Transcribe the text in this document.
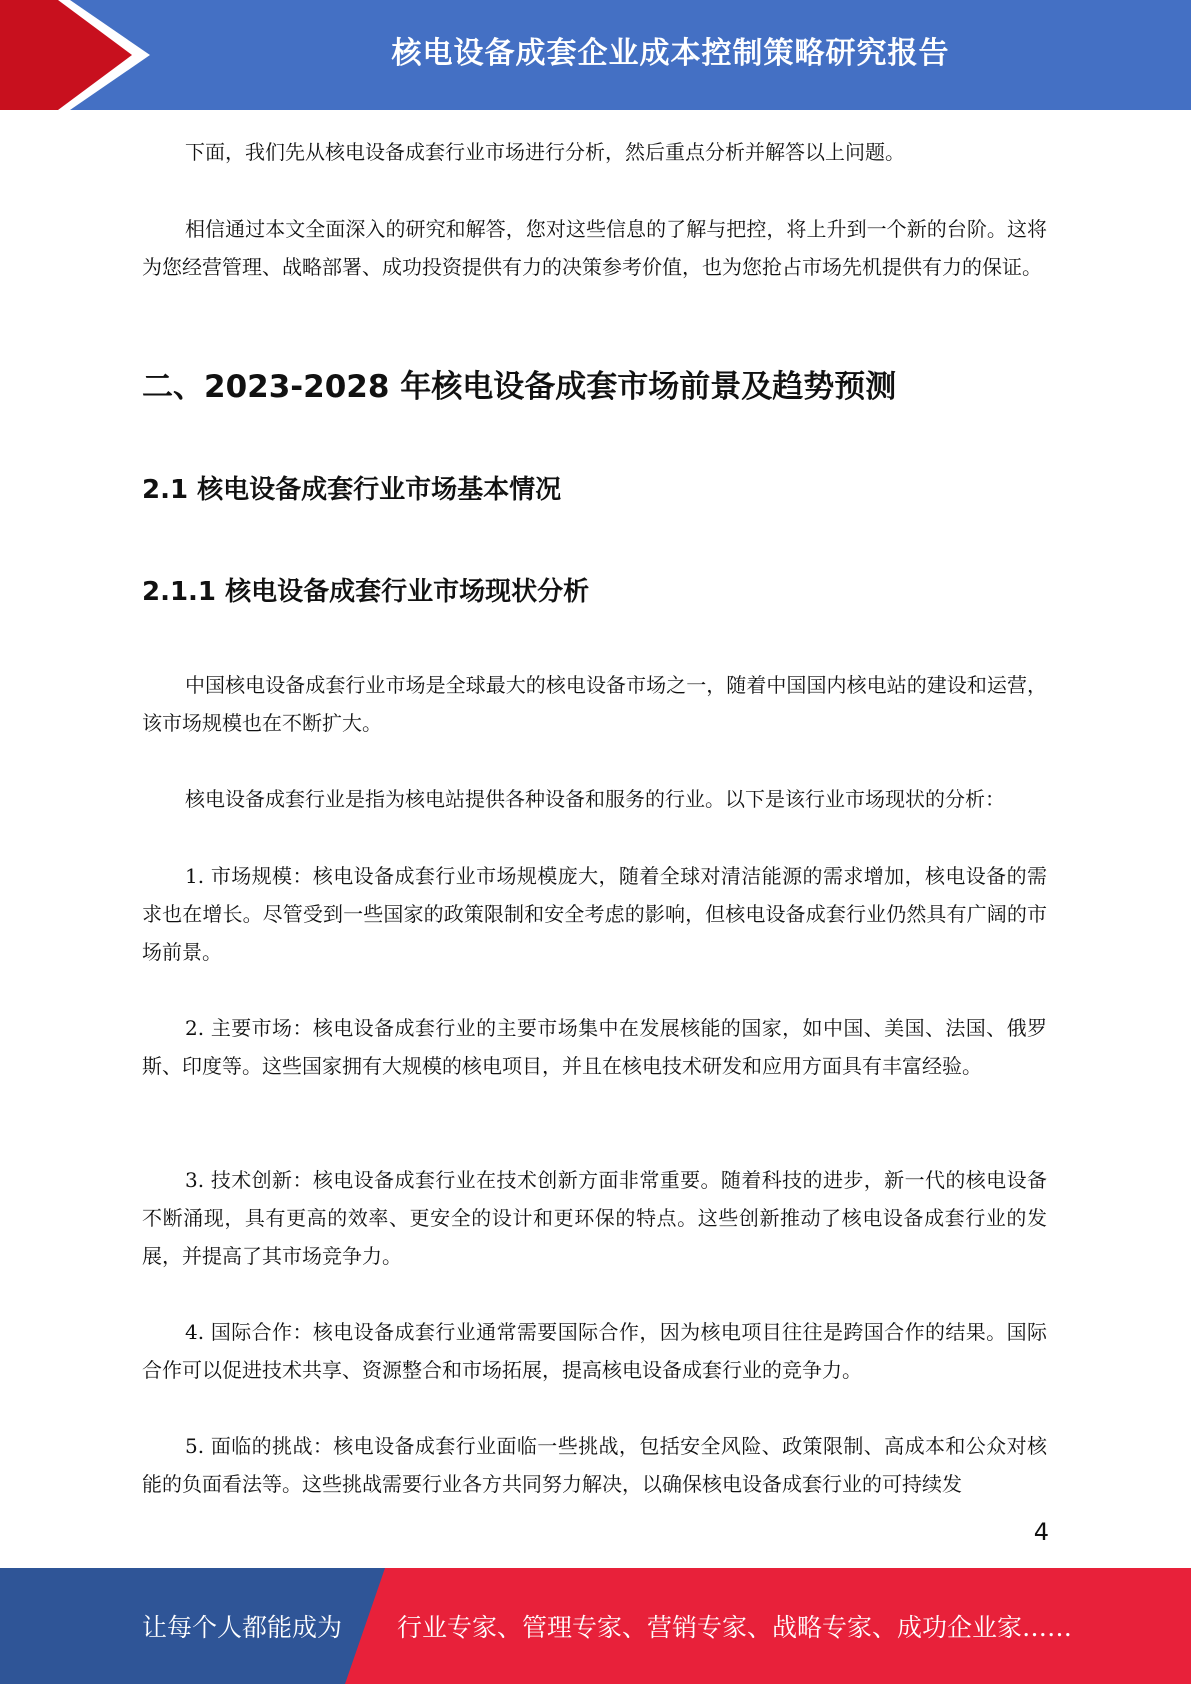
核电设备成套企业成本控制策略研究报告

下面，我们先从核电设备成套行业市场进行分析，然后重点分析并解答以上问题。

相信通过本文全面深入的研究和解答，您对这些信息的了解与把控，将上升到一个新的台阶。这将为您经营管理、战略部署、成功投资提供有力的决策参考价值，也为您抢占市场先机提供有力的保证。

二、2023-2028 年核电设备成套市场前景及趋势预测
2.1 核电设备成套行业市场基本情况
2.1.1 核电设备成套行业市场现状分析

中国核电设备成套行业市场是全球最大的核电设备市场之一，随着中国国内核电站的建设和运营，该市场规模也在不断扩大。

核电设备成套行业是指为核电站提供各种设备和服务的行业。以下是该行业市场现状的分析：

1. 市场规模：核电设备成套行业市场规模庞大，随着全球对清洁能源的需求增加，核电设备的需求也在增长。尽管受到一些国家的政策限制和安全考虑的影响，但核电设备成套行业仍然具有广阔的市场前景。

2. 主要市场：核电设备成套行业的主要市场集中在发展核能的国家，如中国、美国、法国、俄罗斯、印度等。这些国家拥有大规模的核电项目，并且在核电技术研发和应用方面具有丰富经验。

3. 技术创新：核电设备成套行业在技术创新方面非常重要。随着科技的进步，新一代的核电设备不断涌现，具有更高的效率、更安全的设计和更环保的特点。这些创新推动了核电设备成套行业的发展，并提高了其市场竞争力。

4. 国际合作：核电设备成套行业通常需要国际合作，因为核电项目往往是跨国合作的结果。国际合作可以促进技术共享、资源整合和市场拓展，提高核电设备成套行业的竞争力。

5. 面临的挑战：核电设备成套行业面临一些挑战，包括安全风险、政策限制、高成本和公众对核能的负面看法等。这些挑战需要行业各方共同努力解决，以确保核电设备成套行业的可持续发

4
让每个人都能成为 行业专家、管理专家、营销专家、战略专家、成功企业家……
